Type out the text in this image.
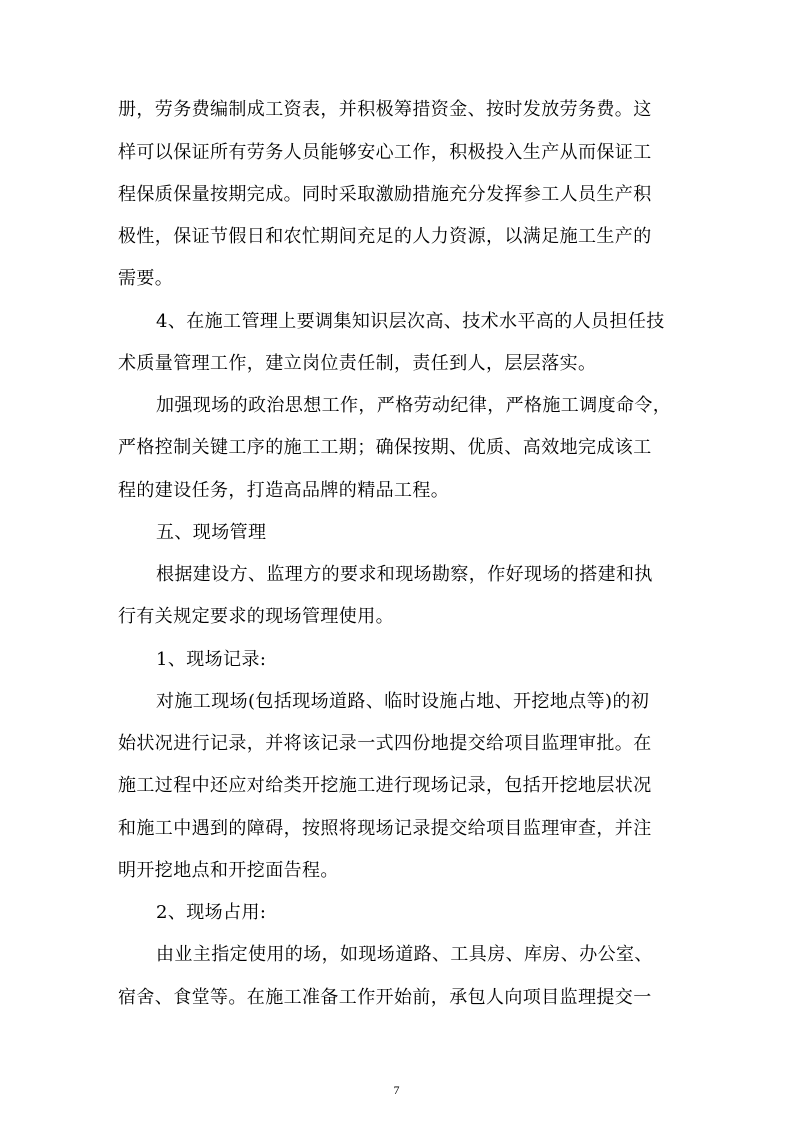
册，劳务费编制成工资表，并积极筹措资金、按时发放劳务费。这
样可以保证所有劳务人员能够安心工作，积极投入生产从而保证工
程保质保量按期完成。同时采取激励措施充分发挥参工人员生产积
极性，保证节假日和农忙期间充足的人力资源，以满足施工生产的
需要。
4、在施工管理上要调集知识层次高、技术水平高的人员担任技
术质量管理工作，建立岗位责任制，责任到人，层层落实。
加强现场的政治思想工作，严格劳动纪律，严格施工调度命令，
严格控制关键工序的施工工期；确保按期、优质、高效地完成该工
程的建设任务，打造高品牌的精品工程。
五、现场管理
根据建设方、监理方的要求和现场勘察，作好现场的搭建和执
行有关规定要求的现场管理使用。
1、现场记录:
对施工现场(包括现场道路、临时设施占地、开挖地点等)的初
始状况进行记录，并将该记录一式四份地提交给项目监理审批。在
施工过程中还应对给类开挖施工进行现场记录，包括开挖地层状况
和施工中遇到的障碍，按照将现场记录提交给项目监理审查，并注
明开挖地点和开挖面告程。
2、现场占用:
由业主指定使用的场，如现场道路、工具房、库房、办公室、
宿舍、食堂等。在施工准备工作开始前，承包人向项目监理提交一
7
